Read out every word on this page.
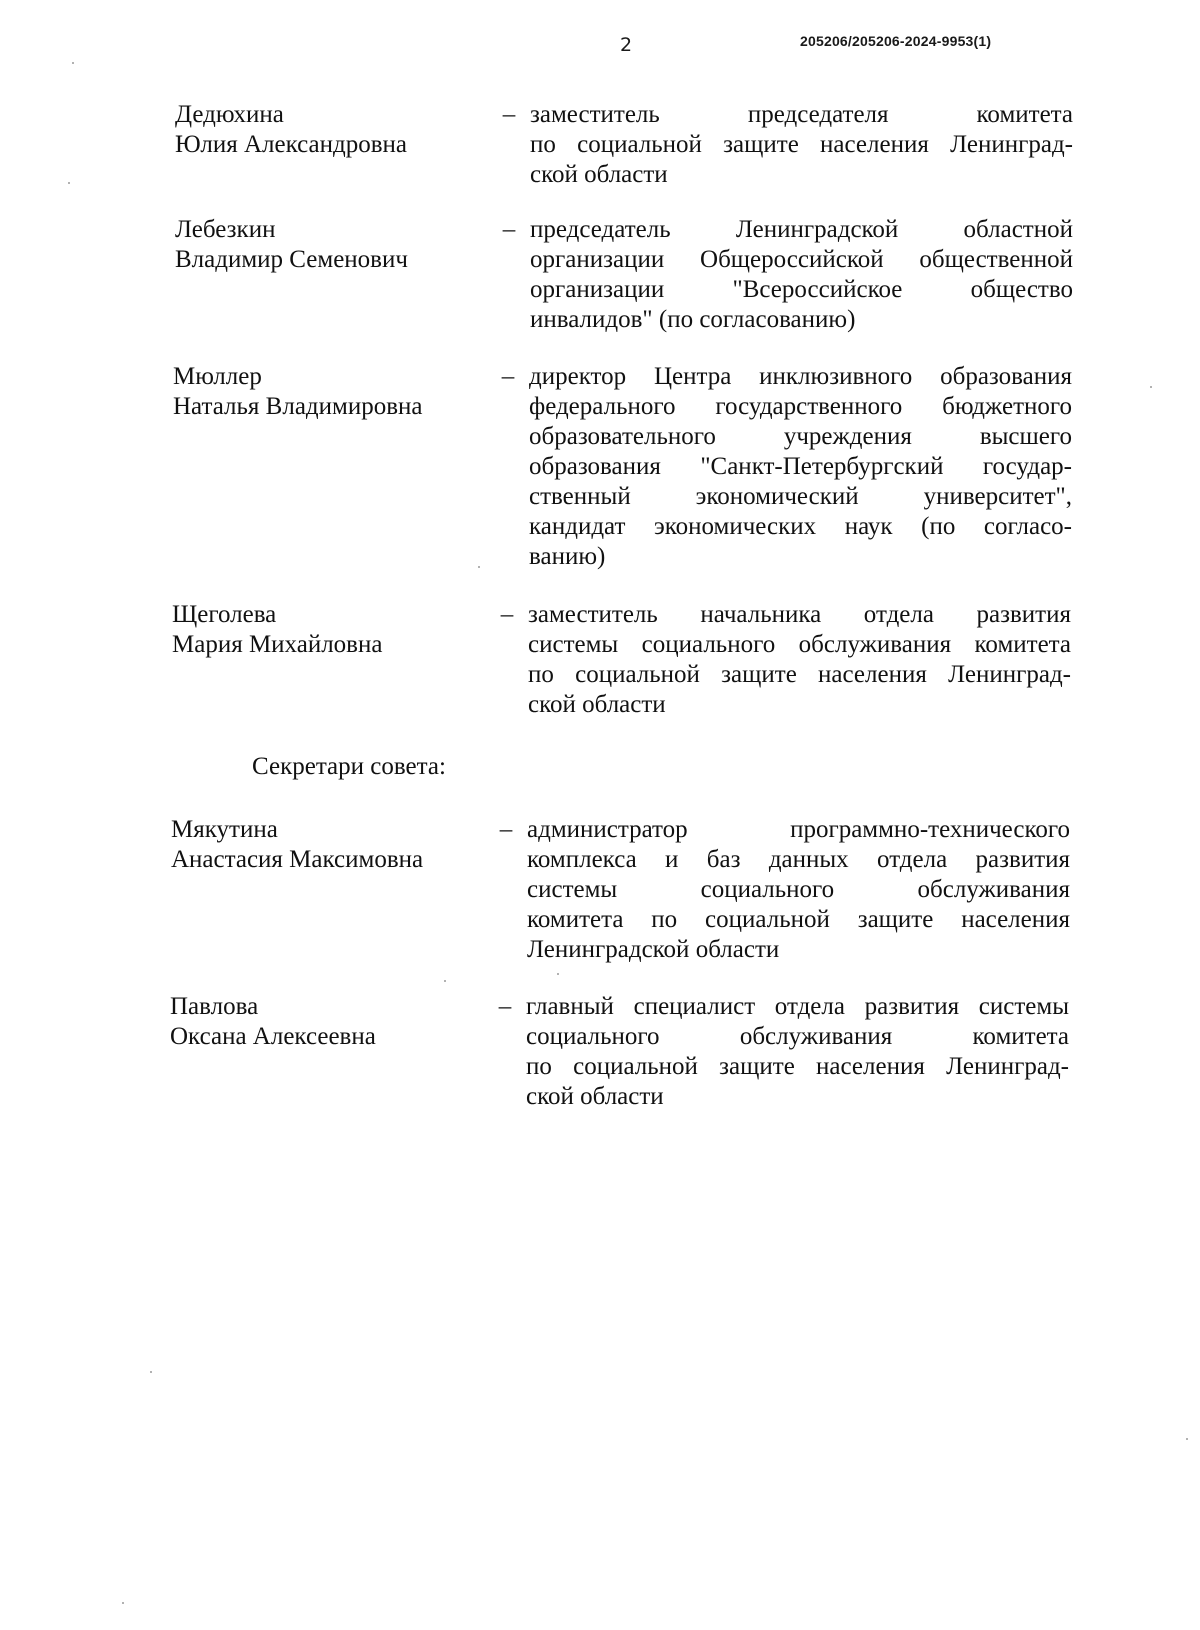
2	205206/205206-2024-9953(1)
Дедюхина
Юлия Александровна
– заместитель председателя комитета
по социальной защите населения Ленинград-
ской области
Лебезкин
Владимир Семенович
– председатель Ленинградской областной
организации Общероссийской общественной
организации "Всероссийское общество
инвалидов" (по согласованию)
Мюллер
Наталья Владимировна
– директор Центра инклюзивного образования
федерального государственного бюджетного
образовательного учреждения высшего
образования "Санкт-Петербургский государ-
ственный экономический университет",
кандидат экономических наук (по согласо-
ванию)
Щеголева
Мария Михайловна
– заместитель начальника отдела развития
системы социального обслуживания комитета
по социальной защите населения Ленинград-
ской области
Секретари совета:
Мякутина
Анастасия Максимовна
– администратор программно-технического
комплекса и баз данных отдела развития
системы социального обслуживания
комитета по социальной защите населения
Ленинградской области
Павлова
Оксана Алексеевна
– главный специалист отдела развития системы
социального обслуживания комитета
по социальной защите населения Ленинград-
ской области
